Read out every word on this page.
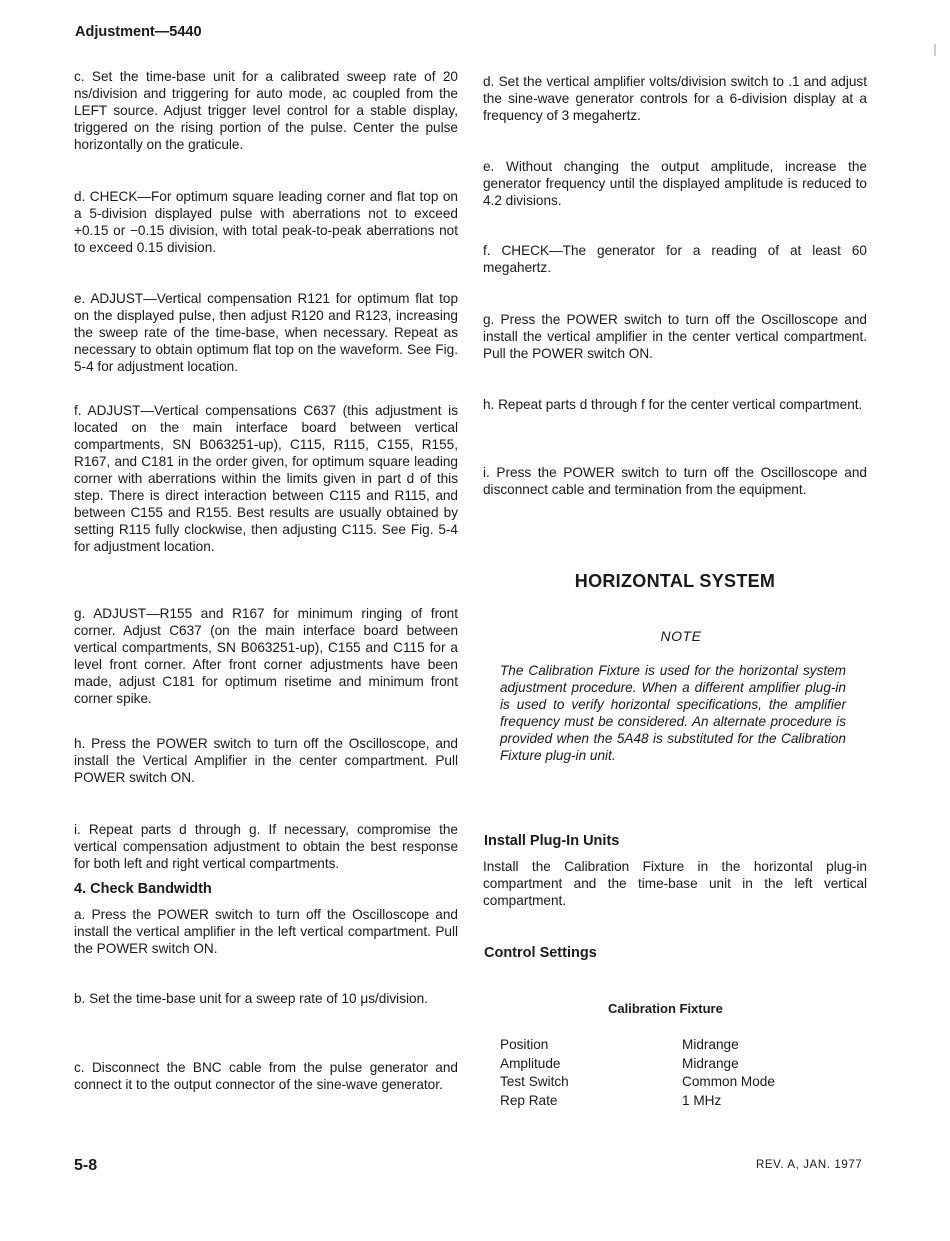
Adjustment—5440
c. Set the time-base unit for a calibrated sweep rate of 20 ns/division and triggering for auto mode, ac coupled from the LEFT source. Adjust trigger level control for a stable display, triggered on the rising portion of the pulse. Center the pulse horizontally on the graticule.
d. CHECK—For optimum square leading corner and flat top on a 5-division displayed pulse with aberrations not to exceed +0.15 or −0.15 division, with total peak-to-peak aberrations not to exceed 0.15 division.
e. ADJUST—Vertical compensation R121 for optimum flat top on the displayed pulse, then adjust R120 and R123, increasing the sweep rate of the time-base, when necessary. Repeat as necessary to obtain optimum flat top on the waveform. See Fig. 5-4 for adjustment location.
f. ADJUST—Vertical compensations C637 (this adjustment is located on the main interface board between vertical compartments, SN B063251-up), C115, R115, C155, R155, R167, and C181 in the order given, for optimum square leading corner with aberrations within the limits given in part d of this step. There is direct interaction between C115 and R115, and between C155 and R155. Best results are usually obtained by setting R115 fully clockwise, then adjusting C115. See Fig. 5-4 for adjustment location.
g. ADJUST—R155 and R167 for minimum ringing of front corner. Adjust C637 (on the main interface board between vertical compartments, SN B063251-up), C155 and C115 for a level front corner. After front corner adjustments have been made, adjust C181 for optimum risetime and minimum front corner spike.
h. Press the POWER switch to turn off the Oscilloscope, and install the Vertical Amplifier in the center compartment. Pull POWER switch ON.
i. Repeat parts d through g. If necessary, compromise the vertical compensation adjustment to obtain the best response for both left and right vertical compartments.
4. Check Bandwidth
a. Press the POWER switch to turn off the Oscilloscope and install the vertical amplifier in the left vertical compartment. Pull the POWER switch ON.
b. Set the time-base unit for a sweep rate of 10 μs/division.
c. Disconnect the BNC cable from the pulse generator and connect it to the output connector of the sine-wave generator.
d. Set the vertical amplifier volts/division switch to .1 and adjust the sine-wave generator controls for a 6-division display at a frequency of 3 megahertz.
e. Without changing the output amplitude, increase the generator frequency until the displayed amplitude is reduced to 4.2 divisions.
f. CHECK—The generator for a reading of at least 60 megahertz.
g. Press the POWER switch to turn off the Oscilloscope and install the vertical amplifier in the center vertical compartment. Pull the POWER switch ON.
h. Repeat parts d through f for the center vertical compartment.
i. Press the POWER switch to turn off the Oscilloscope and disconnect cable and termination from the equipment.
HORIZONTAL SYSTEM
NOTE
The Calibration Fixture is used for the horizontal system adjustment procedure. When a different amplifier plug-in is used to verify horizontal specifications, the amplifier frequency must be considered. An alternate procedure is provided when the 5A48 is substituted for the Calibration Fixture plug-in unit.
Install Plug-In Units
Install the Calibration Fixture in the horizontal plug-in compartment and the time-base unit in the left vertical compartment.
Control Settings
Calibration Fixture
Position	Midrange
Amplitude	Midrange
Test Switch	Common Mode
Rep Rate	1 MHz
5-8	REV. A, JAN. 1977
